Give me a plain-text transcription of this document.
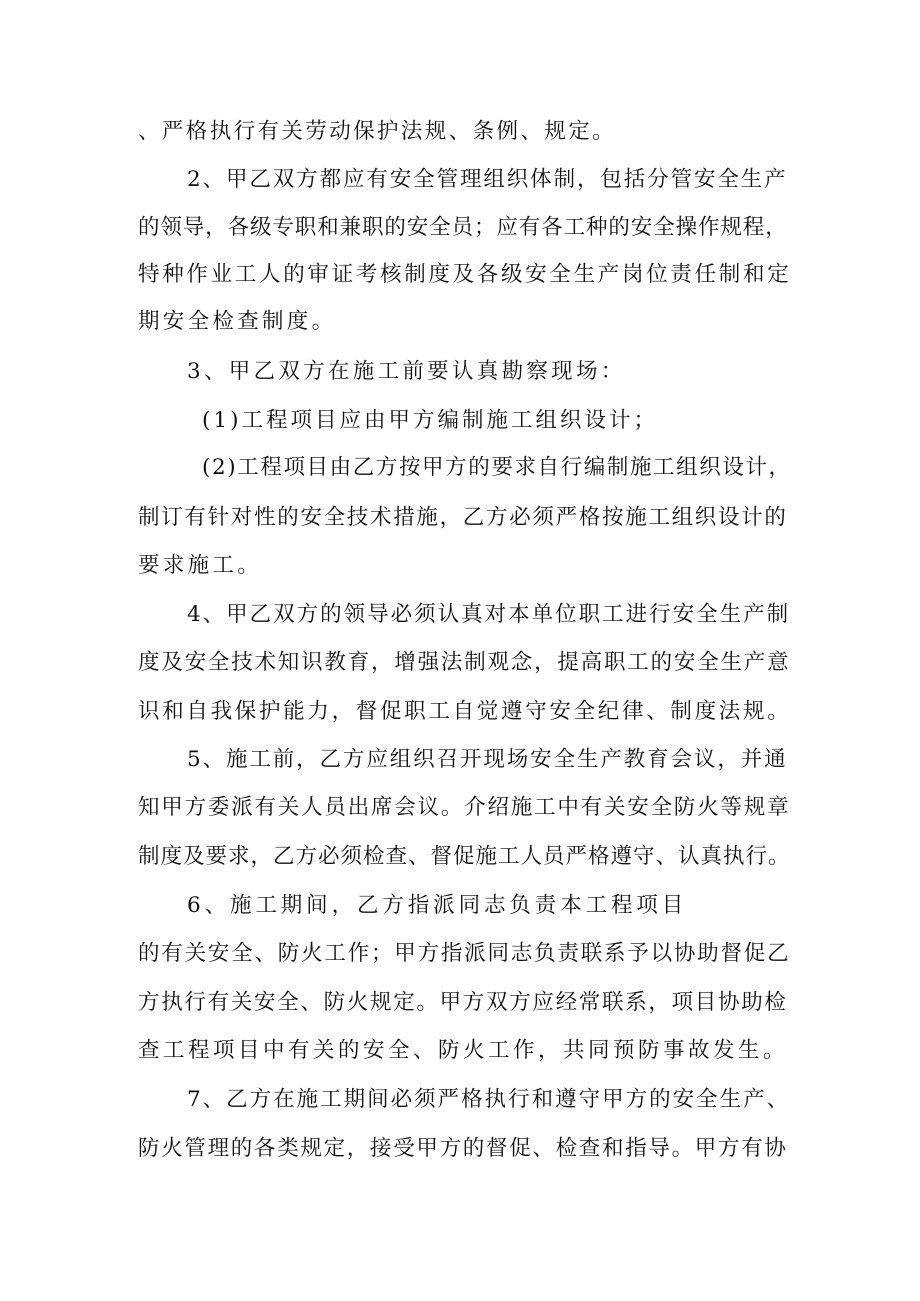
、严格执行有关劳动保护法规、条例、规定。
2、甲乙双方都应有安全管理组织体制，包括分管安全生产
的领导，各级专职和兼职的安全员；应有各工种的安全操作规程，
特种作业工人的审证考核制度及各级安全生产岗位责任制和定
期安全检查制度。
3、甲乙双方在施工前要认真勘察现场：
(1)工程项目应由甲方编制施工组织设计；
(2)工程项目由乙方按甲方的要求自行编制施工组织设计，
制订有针对性的安全技术措施，乙方必须严格按施工组织设计的
要求施工。
4、甲乙双方的领导必须认真对本单位职工进行安全生产制
度及安全技术知识教育，增强法制观念，提高职工的安全生产意
识和自我保护能力，督促职工自觉遵守安全纪律、制度法规。
5、施工前，乙方应组织召开现场安全生产教育会议，并通
知甲方委派有关人员出席会议。介绍施工中有关安全防火等规章
制度及要求，乙方必须检查、督促施工人员严格遵守、认真执行。
6、施工期间，乙方指派同志负责本工程项目
的有关安全、防火工作；甲方指派同志负责联系予以协助督促乙
方执行有关安全、防火规定。甲方双方应经常联系，项目协助检
查工程项目中有关的安全、防火工作，共同预防事故发生。
7、乙方在施工期间必须严格执行和遵守甲方的安全生产、
防火管理的各类规定，接受甲方的督促、检查和指导。甲方有协
